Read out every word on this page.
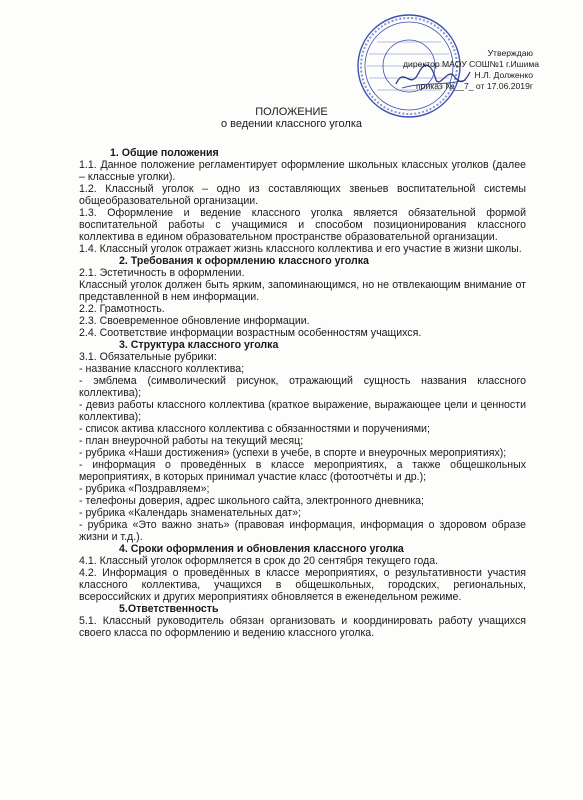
Утверждаю
директор МАОУ СОШ№1 г.Ишима
Н.Л. Долженко
приказ №__7_ от 17.06.2019г
ПОЛОЖЕНИЕ
о ведении классного уголка

1. Общие положения

1.1. Данное положение регламентирует оформление школьных классных уголков (далее – классные уголки).

1.2. Классный уголок – одно из составляющих звеньев воспитательной системы общеобразовательной организации.

1.3. Оформление и ведение классного уголка является обязательной формой воспитательной работы с учащимися и способом позиционирования классного коллектива в едином образовательном пространстве образовательной организации.

1.4. Классный уголок отражает жизнь классного коллектива и его участие в жизни школы.

2. Требования к оформлению классного уголка

2.1. Эстетичность в оформлении.

Классный уголок должен быть ярким, запоминающимся, но не отвлекающим внимание от представленной в нем информации.

2.2. Грамотность.

2.3. Своевременное обновление информации.

2.4. Соответствие информации возрастным особенностям учащихся.

3. Структура классного уголка

3.1. Обязательные рубрики:

- название классного коллектива;

- эмблема (символический рисунок, отражающий сущность названия классного коллектива);

- девиз работы классного коллектива (краткое выражение, выражающее цели и ценности коллектива);

- список актива классного коллектива с обязанностями и поручениями;

- план внеурочной работы на текущий месяц;

- рубрика «Наши достижения» (успехи в учебе, в спорте и внеурочных мероприятиях);

- информация о проведённых в классе мероприятиях, а также общешкольных мероприятиях, в которых принимал участие класс (фотоотчёты и др.);

- рубрика «Поздравляем»;

- телефоны доверия, адрес школьного сайта, электронного дневника;

- рубрика «Календарь знаменательных дат»;

- рубрика «Это важно знать» (правовая информация, информация о здоровом образе жизни и т.д.).

4. Сроки оформления и обновления классного уголка

4.1. Классный уголок оформляется в срок до 20 сентября текущего года.

4.2. Информация о проведённых в классе мероприятиях, о результативности участия классного коллектива, учащихся в общешкольных, городских, региональных, всероссийских и других мероприятиях обновляется в еженедельном режиме.

5.Ответственность

5.1. Классный руководитель обязан организовать и координировать работу учащихся своего класса по оформлению и ведению классного уголка.
